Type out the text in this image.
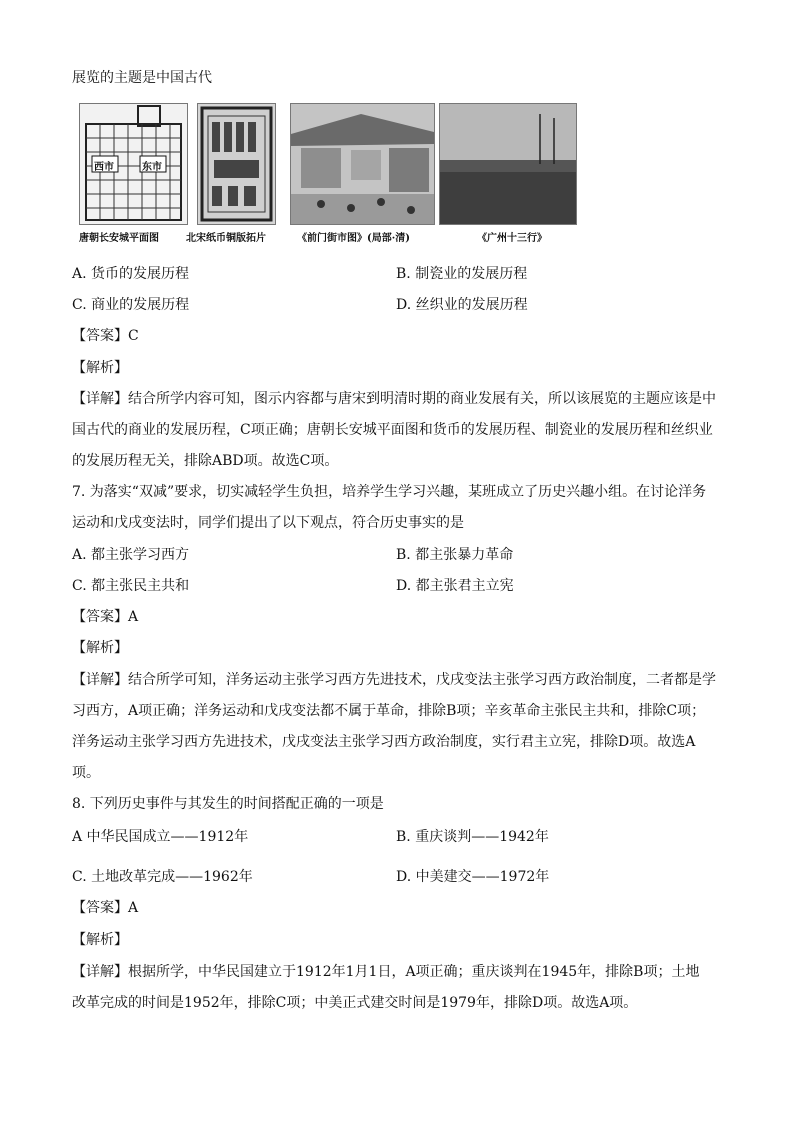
展览的主题是中国古代
西市	东市
唐朝长安城平面图	北宋纸币铜版拓片	《前门街市图》(局部·清)	《广州十三行》
A. 货币的发展历程	B. 制瓷业的发展历程
C. 商业的发展历程	D. 丝织业的发展历程
【答案】C
【解析】
【详解】结合所学内容可知，图示内容都与唐宋到明清时期的商业发展有关，所以该展览的主题应该是中
国古代的商业的发展历程，C项正确；唐朝长安城平面图和货币的发展历程、制瓷业的发展历程和丝织业
的发展历程无关，排除ABD项。故选C项。
7. 为落实“双减”要求，切实减轻学生负担，培养学生学习兴趣，某班成立了历史兴趣小组。在讨论洋务
运动和戊戌变法时，同学们提出了以下观点，符合历史事实的是
A. 都主张学习西方	B. 都主张暴力革命
C. 都主张民主共和	D. 都主张君主立宪
【答案】A
【解析】
【详解】结合所学可知，洋务运动主张学习西方先进技术，戊戌变法主张学习西方政治制度，二者都是学
习西方，A项正确；洋务运动和戊戌变法都不属于革命，排除B项；辛亥革命主张民主共和，排除C项；
洋务运动主张学习西方先进技术，戊戌变法主张学习西方政治制度，实行君主立宪，排除D项。故选A
项。
8. 下列历史事件与其发生的时间搭配正确的一项是
A 中华民国成立——1912年	B. 重庆谈判——1942年
C. 土地改革完成——1962年	D. 中美建交——1972年
【答案】A
【解析】
【详解】根据所学，中华民国建立于1912年1月1日，A项正确；重庆谈判在1945年，排除B项；土地
改革完成的时间是1952年，排除C项；中美正式建交时间是1979年，排除D项。故选A项。
